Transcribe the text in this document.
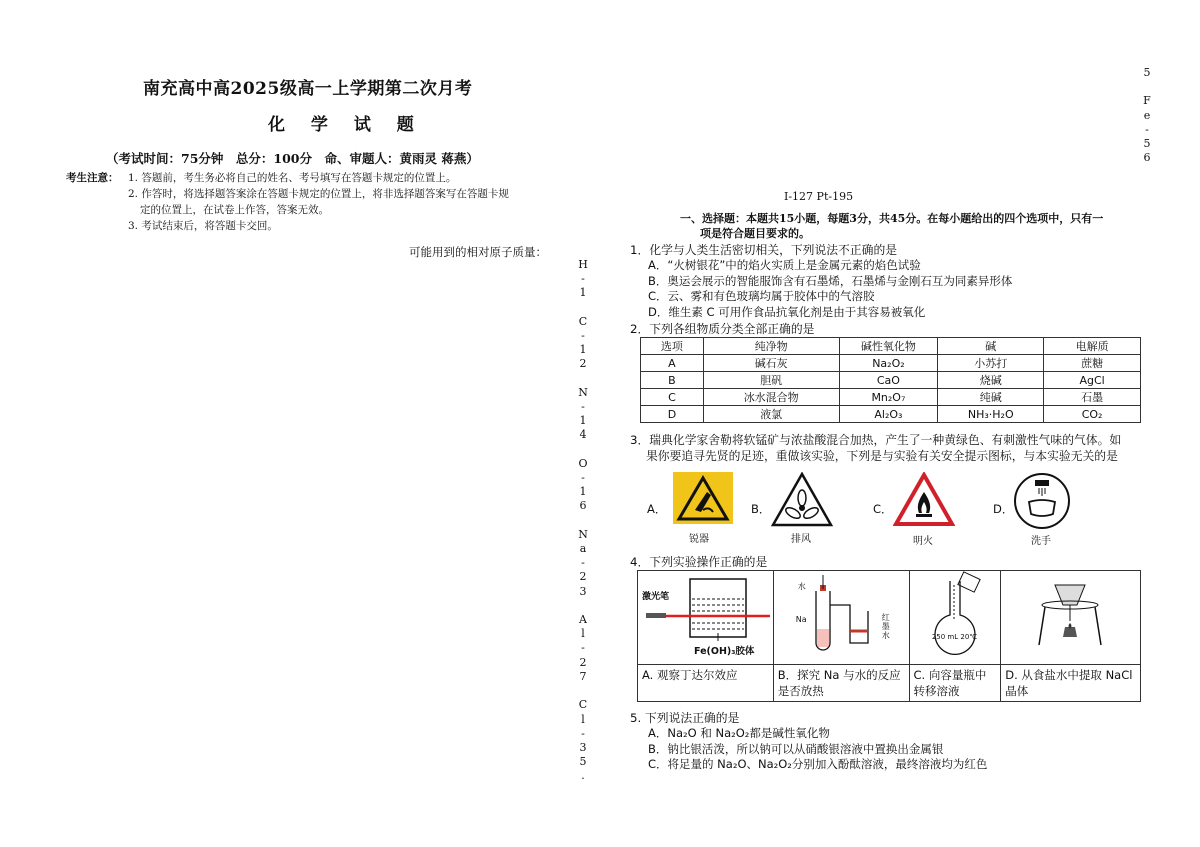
南充高中高2025级高一上学期第二次月考
化 学 试 题
（考试时间：75分钟　总分：100分　命、审题人：黄雨灵 蒋燕）
考生注意： 1. 答题前，考生务必将自己的姓名、考号填写在答题卡规定的位置上。
2. 作答时，将选择题答案涂在答题卡规定的位置上，将非选择题答案写在答题卡规
定的位置上，在试卷上作答，答案无效。
3. 考试结束后，将答题卡交回。
可能用到的相对原子质量：
H
-
1

C
-
1
2

N
-
1
4

O
-
1
6

N
a
-
2
3

A
l
-
2
7

C
l
-
3
5
.
5

F
e
-
5
6
I-127 Pt-195
一、选择题：本题共15小题，每题3分，共45分。在每小题给出的四个选项中，只有一
项是符合题目要求的。
1．化学与人类生活密切相关，下列说法不正确的是
A．“火树银花”中的焰火实质上是金属元素的焰色试验
B．奥运会展示的智能服饰含有石墨烯，石墨烯与金刚石互为同素异形体
C．云、雾和有色玻璃均属于胶体中的气溶胶
D．维生素 C 可用作食品抗氧化剂是由于其容易被氧化
2．下列各组物质分类全部正确的是
选项	纯净物	碱性氧化物	碱	电解质
A	碱石灰	Na₂O₂	小苏打	蔗糖
B	胆矾	CaO	烧碱	AgCl
C	冰水混合物	Mn₂O₇	纯碱	石墨
D	液氯	Al₂O₃	NH₃·H₂O	CO₂
3．瑞典化学家舍勒将软锰矿与浓盐酸混合加热，产生了一种黄绿色、有刺激性气味的气体。如
果你要追寻先贤的足迹，重做该实验，下列是与实验有关安全提示图标，与本实验无关的是
A．
锐器
B．
排风
C．
明火
D．
洗手
4．下列实验操作正确的是
激光笔
Fe(OH)₃胶体	水
Na 红墨水	250 mL 20℃

A. 观察丁达尔效应	B．探究 Na 与水的反应是否放热	C. 向容量瓶中转移溶液	D. 从食盐水中提取 NaCl 晶体
5. 下列说法正确的是
A．Na₂O 和 Na₂O₂都是碱性氧化物
B．钠比银活泼，所以钠可以从硝酸银溶液中置换出金属银
C．将足量的 Na₂O、Na₂O₂分别加入酚酞溶液，最终溶液均为红色
